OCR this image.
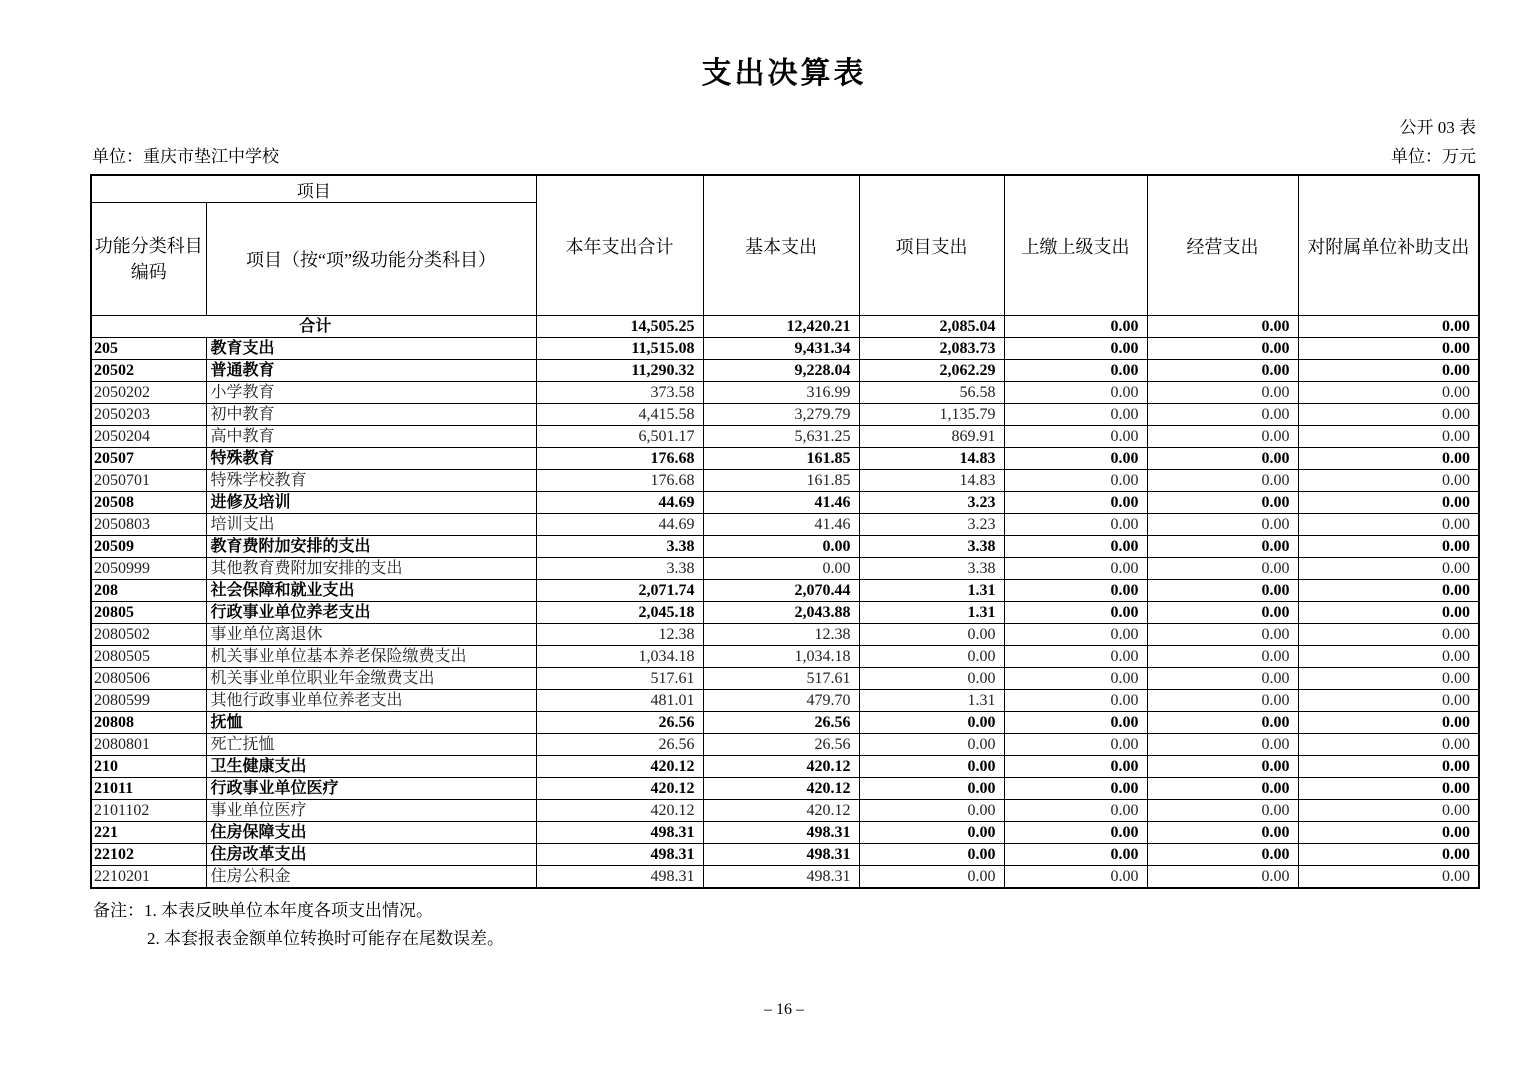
支出决算表
公开 03 表
单位：重庆市垫江中学校	单位：万元
项目		本年支出合计	基本支出	项目支出	上缴上级支出	经营支出	对附属单位补助支出

功能分类科目
编码	项目（按“项”级功能分类科目）						
合计		14,505.25	12,420.21	2,085.04	0.00	0.00	0.00
205	教育支出	11,515.08	9,431.34	2,083.73	0.00	0.00	0.00
20502	普通教育	11,290.32	9,228.04	2,062.29	0.00	0.00	0.00
2050202	小学教育	373.58	316.99	56.58	0.00	0.00	0.00
2050203	初中教育	4,415.58	3,279.79	1,135.79	0.00	0.00	0.00
2050204	高中教育	6,501.17	5,631.25	869.91	0.00	0.00	0.00
20507	特殊教育	176.68	161.85	14.83	0.00	0.00	0.00
2050701	特殊学校教育	176.68	161.85	14.83	0.00	0.00	0.00
20508	进修及培训	44.69	41.46	3.23	0.00	0.00	0.00
2050803	培训支出	44.69	41.46	3.23	0.00	0.00	0.00
20509	教育费附加安排的支出	3.38	0.00	3.38	0.00	0.00	0.00
2050999	其他教育费附加安排的支出	3.38	0.00	3.38	0.00	0.00	0.00
208	社会保障和就业支出	2,071.74	2,070.44	1.31	0.00	0.00	0.00
20805	行政事业单位养老支出	2,045.18	2,043.88	1.31	0.00	0.00	0.00
2080502	事业单位离退休	12.38	12.38	0.00	0.00	0.00	0.00
2080505	机关事业单位基本养老保险缴费支出	1,034.18	1,034.18	0.00	0.00	0.00	0.00
2080506	机关事业单位职业年金缴费支出	517.61	517.61	0.00	0.00	0.00	0.00
2080599	其他行政事业单位养老支出	481.01	479.70	1.31	0.00	0.00	0.00
20808	抚恤	26.56	26.56	0.00	0.00	0.00	0.00
2080801	死亡抚恤	26.56	26.56	0.00	0.00	0.00	0.00
210	卫生健康支出	420.12	420.12	0.00	0.00	0.00	0.00
21011	行政事业单位医疗	420.12	420.12	0.00	0.00	0.00	0.00
2101102	事业单位医疗	420.12	420.12	0.00	0.00	0.00	0.00
221	住房保障支出	498.31	498.31	0.00	0.00	0.00	0.00
22102	住房改革支出	498.31	498.31	0.00	0.00	0.00	0.00
2210201	住房公积金	498.31	498.31	0.00	0.00	0.00	0.00
备注：1. 本表反映单位本年度各项支出情况。
2. 本套报表金额单位转换时可能存在尾数误差。
– 16 –
